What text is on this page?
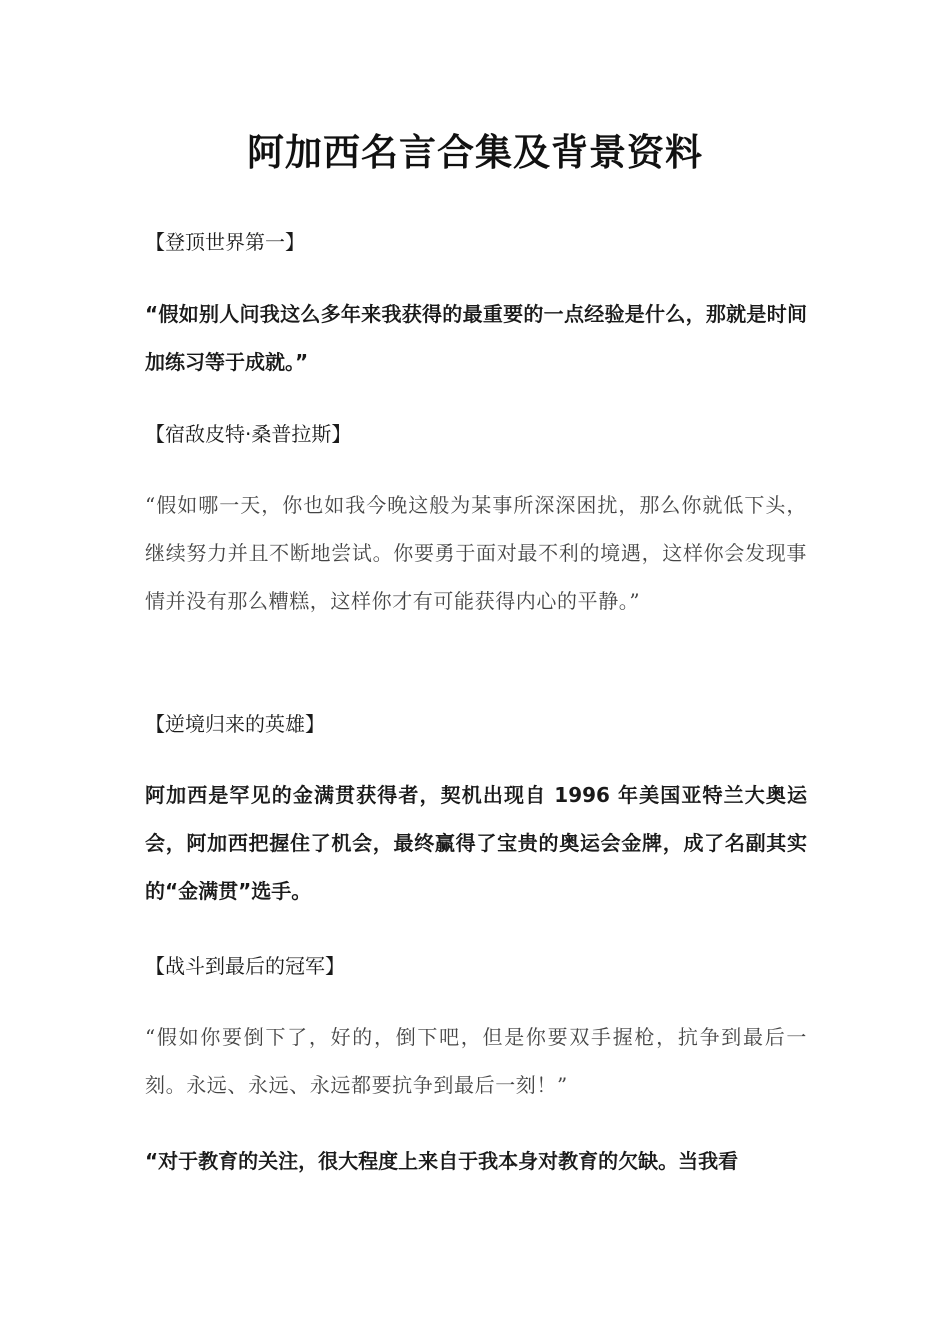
阿加西名言合集及背景资料
【登顶世界第一】
“假如别人问我这么多年来我获得的最重要的一点经验是什么，那就是时间加练习等于成就。”
【宿敌皮特·桑普拉斯】
“假如哪一天，你也如我今晚这般为某事所深深困扰，那么你就低下头，继续努力并且不断地尝试。你要勇于面对最不利的境遇，这样你会发现事情并没有那么糟糕，这样你才有可能获得内心的平静。”
【逆境归来的英雄】
阿加西是罕见的金满贯获得者，契机出现自 1996 年美国亚特兰大奥运会，阿加西把握住了机会，最终赢得了宝贵的奥运会金牌，成了名副其实的“金满贯”选手。
【战斗到最后的冠军】
“假如你要倒下了，好的，倒下吧，但是你要双手握枪，抗争到最后一刻。永远、永远、永远都要抗争到最后一刻！”
“对于教育的关注，很大程度上来自于我本身对教育的欠缺。当我看
